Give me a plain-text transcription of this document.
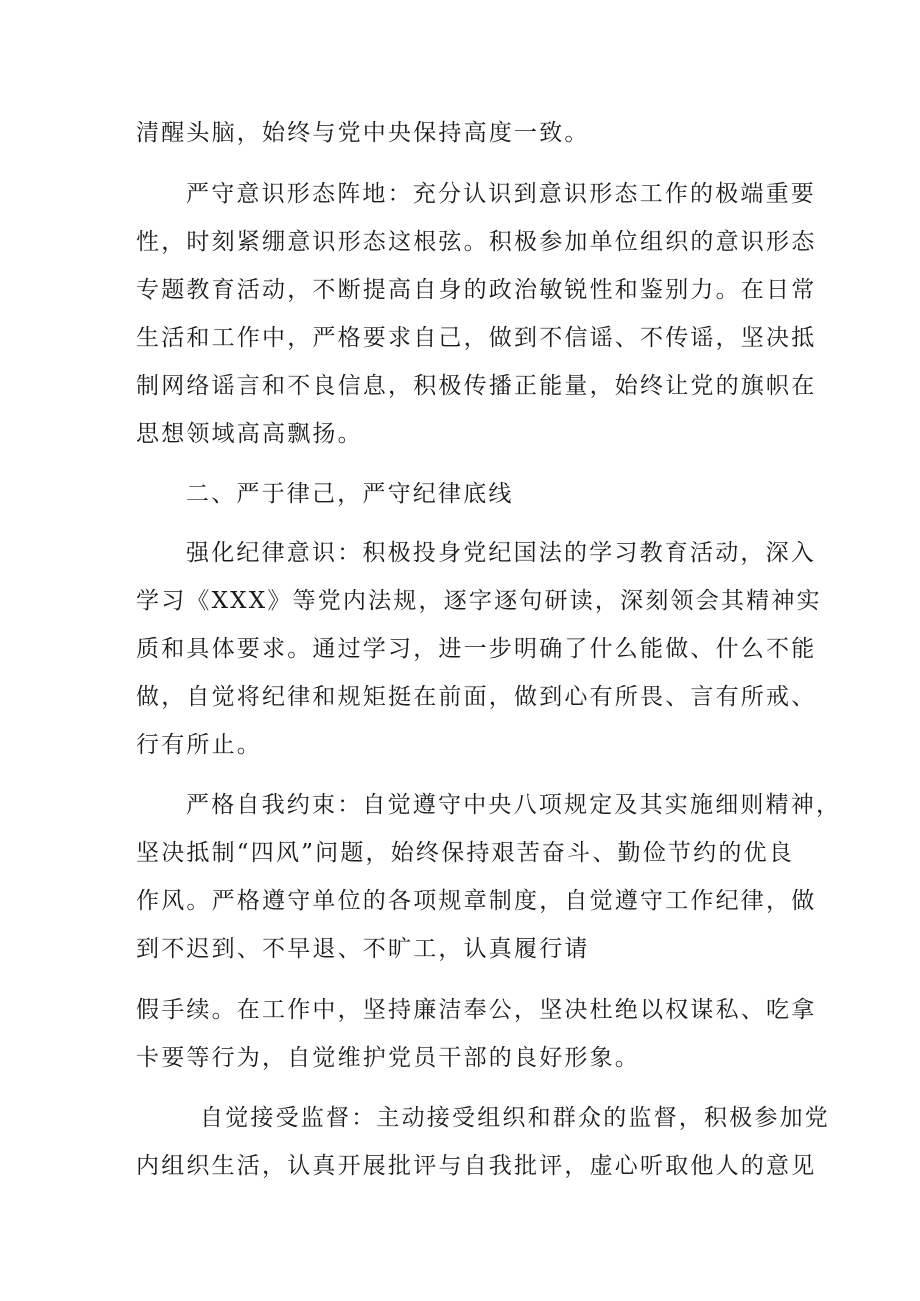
清醒头脑，始终与党中央保持高度一致。

严守意识形态阵地：充分认识到意识形态工作的极端重要

性，时刻紧绷意识形态这根弦。积极参加单位组织的意识形态

专题教育活动，不断提高自身的政治敏锐性和鉴别力。在日常

生活和工作中，严格要求自己，做到不信谣、不传谣，坚决抵

制网络谣言和不良信息，积极传播正能量，始终让党的旗帜在

思想领域高高飘扬。

二、严于律己，严守纪律底线

强化纪律意识：积极投身党纪国法的学习教育活动，深入

学习《XXX》等党内法规，逐字逐句研读，深刻领会其精神实

质和具体要求。通过学习，进一步明确了什么能做、什么不能

做，自觉将纪律和规矩挺在前面，做到心有所畏、言有所戒、

行有所止。

严格自我约束：自觉遵守中央八项规定及其实施细则精神，

坚决抵制“四风”问题，始终保持艰苦奋斗、勤俭节约的优良

作风。严格遵守单位的各项规章制度，自觉遵守工作纪律，做

到不迟到、不早退、不旷工，认真履行请

假手续。在工作中，坚持廉洁奉公，坚决杜绝以权谋私、吃拿

卡要等行为，自觉维护党员干部的良好形象。

自觉接受监督：主动接受组织和群众的监督，积极参加党

内组织生活，认真开展批评与自我批评，虚心听取他人的意见
